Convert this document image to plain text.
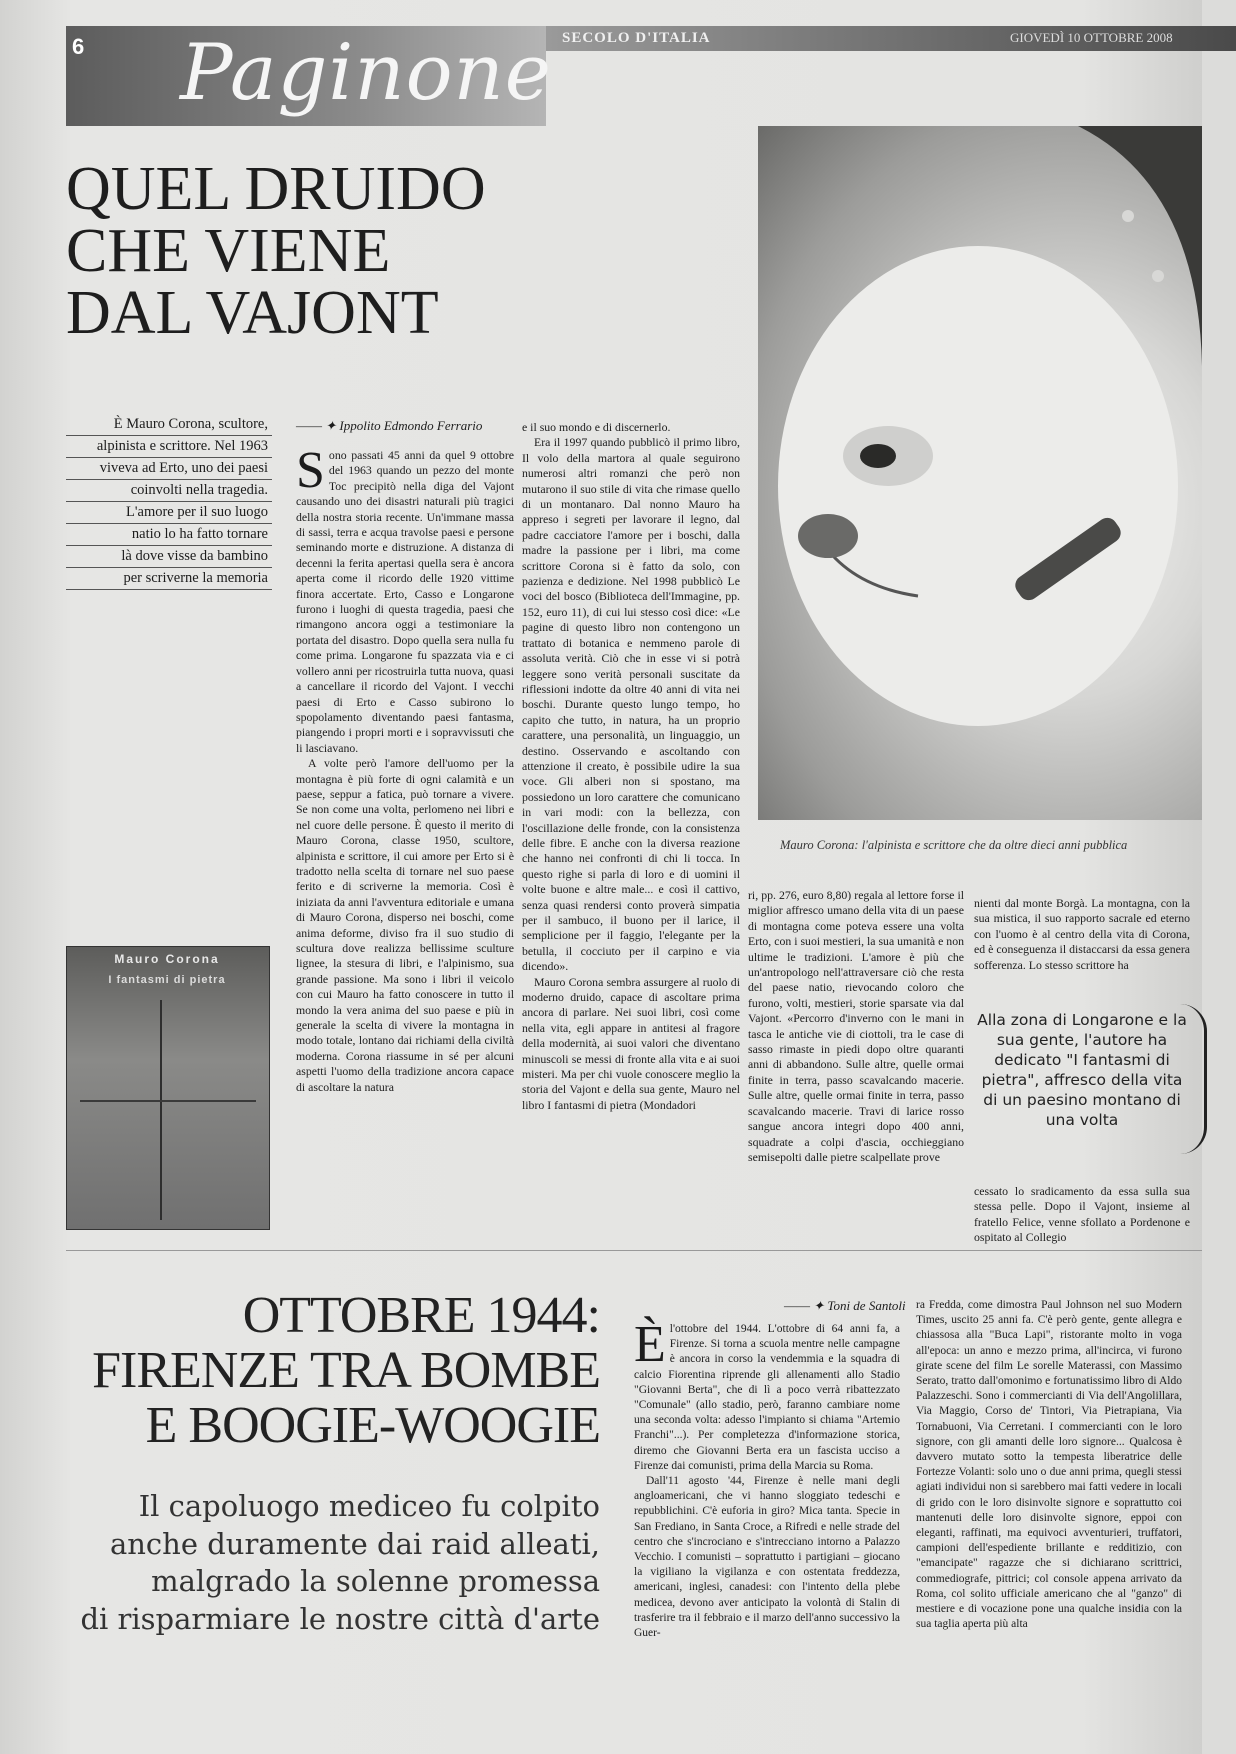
6 Paginone SECOLO D'ITALIA	GIOVEDÌ 10 OTTOBRE 2008
QUEL DRUIDO
CHE VIENE
DAL VAJONT
Mauro Corona: l'alpinista e scrittore che da oltre dieci anni pubblica

È Mauro Corona, scultore,

alpinista e scrittore. Nel 1963

viveva ad Erto, uno dei paesi

coinvolti nella tragedia.

L'amore per il suo luogo

natio lo ha fatto tornare

là dove visse da bambino

per scriverne la memoria

―― ✦ Ippolito Edmondo Ferrario

Sono passati 45 anni da quel 9 ottobre del 1963 quando un pezzo del monte Toc precipitò nella diga del Vajont causando uno dei disastri naturali più tragici della nostra storia recente. Un'immane massa di sassi, terra e acqua travolse paesi e persone seminando morte e distruzione. A distanza di decenni la ferita apertasi quella sera è ancora aperta come il ricordo delle 1920 vittime finora accertate. Erto, Casso e Longarone furono i luoghi di questa tragedia, paesi che rimangono ancora oggi a testimoniare la portata del disastro. Dopo quella sera nulla fu come prima. Longarone fu spazzata via e ci vollero anni per ricostruirla tutta nuova, quasi a cancellare il ricordo del Vajont. I vecchi paesi di Erto e Casso subirono lo spopolamento diventando paesi fantasma, piangendo i propri morti e i sopravvissuti che li lasciavano.

A volte però l'amore dell'uomo per la montagna è più forte di ogni calamità e un paese, seppur a fatica, può tornare a vivere. Se non come una volta, perlomeno nei libri e nel cuore delle persone. È questo il merito di Mauro Corona, classe 1950, scultore, alpinista e scrittore, il cui amore per Erto si è tradotto nella scelta di tornare nel suo paese ferito e di scriverne la memoria. Così è iniziata da anni l'avventura editoriale e umana di Mauro Corona, disperso nei boschi, come anima deforme, diviso fra il suo studio di scultura dove realizza bellissime sculture lignee, la stesura di libri, e l'alpinismo, sua grande passione. Ma sono i libri il veicolo con cui Mauro ha fatto conoscere in tutto il mondo la vera anima del suo paese e più in generale la scelta di vivere la montagna in modo totale, lontano dai richiami della civiltà moderna. Corona riassume in sé per alcuni aspetti l'uomo della tradizione ancora capace di ascoltare la natura

e il suo mondo e di discernerlo.

Era il 1997 quando pubblicò il primo libro, Il volo della martora al quale seguirono numerosi altri romanzi che però non mutarono il suo stile di vita che rimase quello di un montanaro. Dal nonno Mauro ha appreso i segreti per lavorare il legno, dal padre cacciatore l'amore per i boschi, dalla madre la passione per i libri, ma come scrittore Corona si è fatto da solo, con pazienza e dedizione. Nel 1998 pubblicò Le voci del bosco (Biblioteca dell'Immagine, pp. 152, euro 11), di cui lui stesso così dice: «Le pagine di questo libro non contengono un trattato di botanica e nemmeno parole di assoluta verità. Ciò che in esse vi si potrà leggere sono verità personali suscitate da riflessioni indotte da oltre 40 anni di vita nei boschi. Durante questo lungo tempo, ho capito che tutto, in natura, ha un proprio carattere, una personalità, un linguaggio, un destino. Osservando e ascoltando con attenzione il creato, è possibile udire la sua voce. Gli alberi non si spostano, ma possiedono un loro carattere che comunicano in vari modi: con la bellezza, con l'oscillazione delle fronde, con la consistenza delle fibre. E anche con la diversa reazione che hanno nei confronti di chi li tocca. In questo righe si parla di loro e di uomini il volte buone e altre male... e così il cattivo, senza quasi rendersi conto proverà simpatia per il sambuco, il buono per il larice, il semplicione per il faggio, l'elegante per la betulla, il cocciuto per il carpino e via dicendo».

Mauro Corona sembra assurgere al ruolo di moderno druido, capace di ascoltare prima ancora di parlare. Nei suoi libri, così come nella vita, egli appare in antitesi al fragore della modernità, ai suoi valori che diventano minuscoli se messi di fronte alla vita e ai suoi misteri. Ma per chi vuole conoscere meglio la storia del Vajont e della sua gente, Mauro nel libro I fantasmi di pietra (Mondadori

ri, pp. 276, euro 8,80) regala al lettore forse il miglior affresco umano della vita di un paese di montagna come poteva essere una volta Erto, con i suoi mestieri, la sua umanità e non ultime le tradizioni. L'amore è più che un'antropologo nell'attraversare ciò che resta del paese natio, rievocando coloro che furono, volti, mestieri, storie sparsate via dal Vajont. «Percorro d'inverno con le mani in tasca le antiche vie di ciottoli, tra le case di sasso rimaste in piedi dopo oltre quaranti anni di abbandono. Sulle altre, quelle ormai finite in terra, passo scavalcando macerie. Sulle altre, quelle ormai finite in terra, passo scavalcando macerie. Travi di larice rosso sangue ancora integri dopo 400 anni, squadrate a colpi d'ascia, occhieggiano semisepolti dalle pietre scalpellate prove

nienti dal monte Borgà. La montagna, con la sua mistica, il suo rapporto sacrale ed eterno con l'uomo è al centro della vita di Corona, ed è conseguenza il distaccarsi da essa genera sofferenza. Lo stesso scrittore ha

Alla zona di Longarone e la sua gente, l'autore ha dedicato "I fantasmi di pietra", affresco della vita di un paesino montano di una volta

cessato lo sradicamento da essa sulla sua stessa pelle. Dopo il Vajont, insieme al fratello Felice, venne sfollato a Pordenone e ospitato al Collegio

Mauro Corona
I fantasmi di pietra
OTTOBRE 1944:
FIRENZE TRA BOMBE
E BOOGIE-WOOGIE
Il capoluogo mediceo fu colpito
anche duramente dai raid alleati,
malgrado la solenne promessa
di risparmiare le nostre città d'arte
―― ✦ Toni de Santoli

Èl'ottobre del 1944. L'ottobre di 64 anni fa, a Firenze. Si torna a scuola mentre nelle campagne è ancora in corso la vendemmia e la squadra di calcio Fiorentina riprende gli allenamenti allo Stadio "Giovanni Berta", che di lì a poco verrà ribattezzato "Comunale" (allo stadio, però, faranno cambiare nome una seconda volta: adesso l'impianto si chiama "Artemio Franchi"...). Per completezza d'informazione storica, diremo che Giovanni Berta era un fascista ucciso a Firenze dai comunisti, prima della Marcia su Roma.

Dall'11 agosto '44, Firenze è nelle mani degli angloamericani, che vi hanno sloggiato tedeschi e repubblichini. C'è euforia in giro? Mica tanta. Specie in San Frediano, in Santa Croce, a Rifredi e nelle strade del centro che s'incrociano e s'intrecciano intorno a Palazzo Vecchio. I comunisti – soprattutto i partigiani – giocano la vigiliano la vigilanza e con ostentata freddezza, americani, inglesi, canadesi: con l'intento della plebe medicea, devono aver anticipato la volontà di Stalin di trasferire tra il febbraio e il marzo dell'anno successivo la Guer-

ra Fredda, come dimostra Paul Johnson nel suo Modern Times, uscito 25 anni fa. C'è però gente, gente allegra e chiassosa alla "Buca Lapi", ristorante molto in voga all'epoca: un anno e mezzo prima, all'incirca, vi furono girate scene del film Le sorelle Materassi, con Massimo Serato, tratto dall'omonimo e fortunatissimo libro di Aldo Palazzeschi. Sono i commercianti di Via dell'Angolillara, Via Maggio, Corso de' Tintori, Via Pietrapiana, Via Tornabuoni, Via Cerretani. I commercianti con le loro signore, con gli amanti delle loro signore... Qualcosa è davvero mutato sotto la tempesta liberatrice delle Fortezze Volanti: solo uno o due anni prima, quegli stessi agiati individui non si sarebbero mai fatti vedere in locali di grido con le loro disinvolte signore e soprattutto coi mantenuti delle loro disinvolte signore, eppoi con eleganti, raffinati, ma equivoci avventurieri, truffatori, campioni dell'espediente brillante e redditizio, con "emancipate" ragazze che si dichiarano scrittrici, commediografe, pittrici; col console appena arrivato da Roma, col solito ufficiale americano che al "ganzo" di mestiere e di vocazione pone una qualche insidia con la sua taglia aperta più alta
